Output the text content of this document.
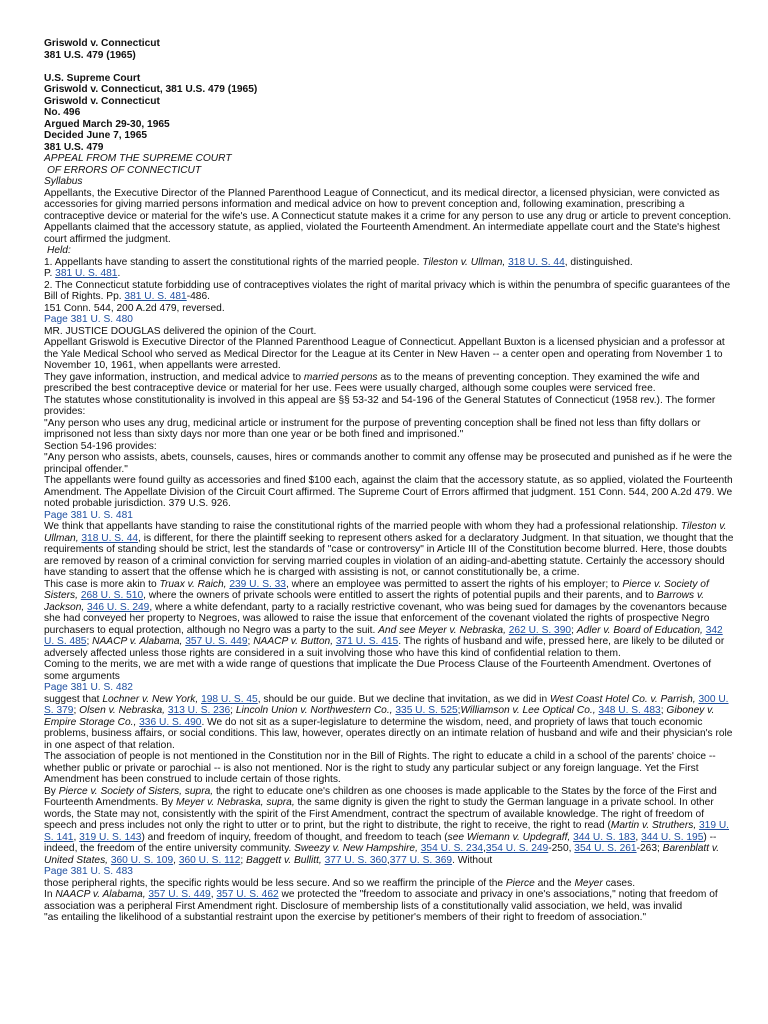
Griswold v. Connecticut

381 U.S. 479 (1965)

U.S. Supreme Court

Griswold v. Connecticut, 381 U.S. 479 (1965)

Griswold v. Connecticut

No. 496

Argued March 29-30, 1965

Decided June 7, 1965

381 U.S. 479

APPEAL FROM THE SUPREME COURT

OF ERRORS OF CONNECTICUT

Syllabus

Appellants, the Executive Director of the Planned Parenthood League of Connecticut, and its medical director, a licensed physician, were convicted as accessories for giving married persons information and medical advice on how to prevent conception and, following examination, prescribing a contraceptive device or material for the wife's use. A Connecticut statute makes it a crime for any person to use any drug or article to prevent conception. Appellants claimed that the accessory statute, as applied, violated the Fourteenth Amendment. An intermediate appellate court and the State's highest court affirmed the judgment.

Held:

1. Appellants have standing to assert the constitutional rights of the married people. Tileston v. Ullman, 318 U. S. 44, distinguished.
P. 381 U. S. 481.

2. The Connecticut statute forbidding use of contraceptives violates the right of marital privacy which is within the penumbra of specific guarantees of the Bill of Rights. Pp. 381 U. S. 481-486.

151 Conn. 544, 200 A.2d 479, reversed.

Page 381 U. S. 480

MR. JUSTICE DOUGLAS delivered the opinion of the Court.

Appellant Griswold is Executive Director of the Planned Parenthood League of Connecticut. Appellant Buxton is a licensed physician and a professor at the Yale Medical School who served as Medical Director for the League at its Center in New Haven -- a center open and operating from November 1 to November 10, 1961, when appellants were arrested.

They gave information, instruction, and medical advice to married persons as to the means of preventing conception. They examined the wife and prescribed the best contraceptive device or material for her use. Fees were usually charged, although some couples were serviced free.

The statutes whose constitutionality is involved in this appeal are §§ 53-32 and 54-196 of the General Statutes of Connecticut (1958 rev.). The former provides:

"Any person who uses any drug, medicinal article or instrument for the purpose of preventing conception shall be fined not less than fifty dollars or imprisoned not less than sixty days nor more than one year or be both fined and imprisoned."

Section 54-196 provides:

"Any person who assists, abets, counsels, causes, hires or commands another to commit any offense may be prosecuted and punished as if he were the principal offender."

The appellants were found guilty as accessories and fined $100 each, against the claim that the accessory statute, as so applied, violated the Fourteenth Amendment. The Appellate Division of the Circuit Court affirmed. The Supreme Court of Errors affirmed that judgment. 151 Conn. 544, 200 A.2d 479. We noted probable jurisdiction. 379 U.S. 926.

Page 381 U. S. 481

We think that appellants have standing to raise the constitutional rights of the married people with whom they had a professional relationship. Tileston v. Ullman, 318 U. S. 44, is different, for there the plaintiff seeking to represent others asked for a declaratory Judgment. In that situation, we thought that the requirements of standing should be strict, lest the standards of "case or controversy" in Article III of the Constitution become blurred. Here, those doubts are removed by reason of a criminal conviction for serving married couples in violation of an aiding-and-abetting statute. Certainly the accessory should have standing to assert that the offense which he is charged with assisting is not, or cannot constitutionally be, a crime.

This case is more akin to Truax v. Raich, 239 U. S. 33, where an employee was permitted to assert the rights of his employer; to Pierce v. Society of Sisters, 268 U. S. 510, where the owners of private schools were entitled to assert the rights of potential pupils and their parents, and to Barrows v. Jackson, 346 U. S. 249, where a white defendant, party to a racially restrictive covenant, who was being sued for damages by the covenantors because she had conveyed her property to Negroes, was allowed to raise the issue that enforcement of the covenant violated the rights of prospective Negro purchasers to equal protection, although no Negro was a party to the suit. And see Meyer v. Nebraska, 262 U. S. 390; Adler v. Board of Education, 342 U. S. 485; NAACP v. Alabama, 357 U. S. 449; NAACP v. Button, 371 U. S. 415. The rights of husband and wife, pressed here, are likely to be diluted or adversely affected unless those rights are considered in a suit involving those who have this kind of confidential relation to them.

Coming to the merits, we are met with a wide range of questions that implicate the Due Process Clause of the Fourteenth Amendment. Overtones of some arguments

Page 381 U. S. 482

suggest that Lochner v. New York, 198 U. S. 45, should be our guide. But we decline that invitation, as we did in West Coast Hotel Co. v. Parrish, 300 U. S. 379; Olsen v. Nebraska, 313 U. S. 236; Lincoln Union v. Northwestern Co., 335 U. S. 525;Williamson v. Lee Optical Co., 348 U. S. 483; Giboney v. Empire Storage Co., 336 U. S. 490. We do not sit as a super-legislature to determine the wisdom, need, and propriety of laws that touch economic problems, business affairs, or social conditions. This law, however, operates directly on an intimate relation of husband and wife and their physician's role in one aspect of that relation.

The association of people is not mentioned in the Constitution nor in the Bill of Rights. The right to educate a child in a school of the parents' choice -- whether public or private or parochial -- is also not mentioned. Nor is the right to study any particular subject or any foreign language. Yet the First Amendment has been construed to include certain of those rights.

By Pierce v. Society of Sisters, supra, the right to educate one's children as one chooses is made applicable to the States by the force of the First and Fourteenth Amendments. By Meyer v. Nebraska, supra, the same dignity is given the right to study the German language in a private school. In other words, the State may not, consistently with the spirit of the First Amendment, contract the spectrum of available knowledge. The right of freedom of speech and press includes not only the right to utter or to print, but the right to distribute, the right to receive, the right to read (Martin v. Struthers, 319 U. S. 141, 319 U. S. 143) and freedom of inquiry, freedom of thought, and freedom to teach (see Wiemann v. Updegraff, 344 U. S. 183, 344 U. S. 195) -- indeed, the freedom of the entire university community. Sweezy v. New Hampshire, 354 U. S. 234,354 U. S. 249-250, 354 U. S. 261-263; Barenblatt v. United States, 360 U. S. 109, 360 U. S. 112; Baggett v. Bullitt, 377 U. S. 360,377 U. S. 369. Without

Page 381 U. S. 483

those peripheral rights, the specific rights would be less secure. And so we reaffirm the principle of the Pierce and the Meyer cases.

In NAACP v. Alabama, 357 U. S. 449, 357 U. S. 462 we protected the "freedom to associate and privacy in one's associations," noting that freedom of association was a peripheral First Amendment right. Disclosure of membership lists of a constitutionally valid association, we held, was invalid

"as entailing the likelihood of a substantial restraint upon the exercise by petitioner's members of their right to freedom of association."
